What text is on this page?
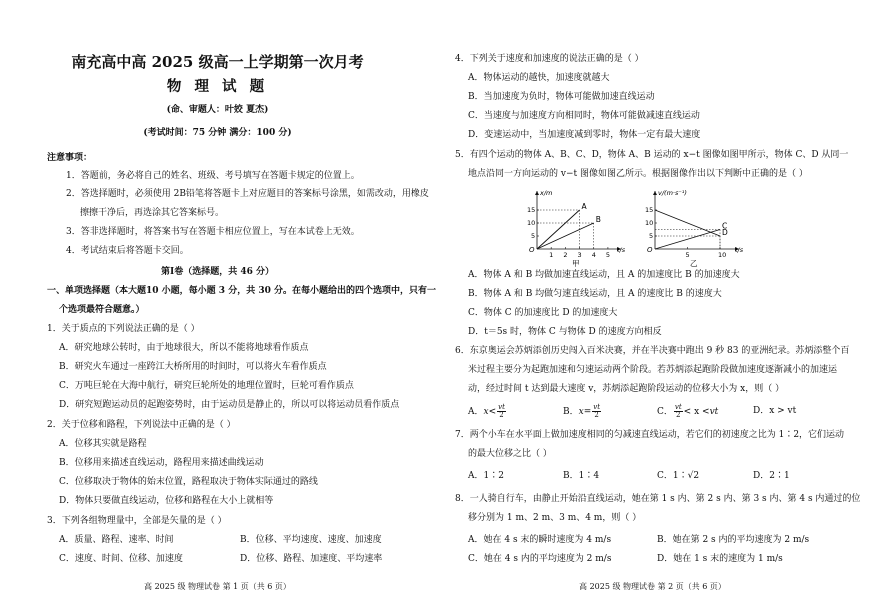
南充高中高 2025 级高一上学期第一次月考
物 理 试 题
(命、审题人：叶姣 夏杰)
(考试时间：75 分钟 满分：100 分)
注意事项：
1．答题前，务必将自己的姓名、班级、考号填写在答题卡规定的位置上。
2．答选择题时，必须使用 2B铅笔将答题卡上对应题目的答案标号涂黑，如需改动，用橡皮
擦擦干净后，再选涂其它答案标号。
3．答非选择题时，将答案书写在答题卡相应位置上，写在本试卷上无效。
4．考试结束后将答题卡交回。
第Ⅰ卷（选择题，共 46 分）
一、单项选择题（本大题10 小题，每小题 3 分，共 30 分。在每小题给出的四个选项中，只有一
个选项最符合题意。）
1．关于质点的下列说法正确的是（ ）
A．研究地球公转时，由于地球很大，所以不能将地球看作质点
B．研究火车通过一座跨江大桥所用的时间时，可以将火车看作质点
C．万吨巨轮在大海中航行，研究巨轮所处的地理位置时，巨轮可看作质点
D．研究短跑运动员的起跑姿势时，由于运动员是静止的，所以可以将运动员看作质点
2．关于位移和路程，下列说法中正确的是（ ）
A．位移其实就是路程
B．位移用来描述直线运动，路程用来描述曲线运动
C．位移取决于物体的始末位置，路程取决于物体实际通过的路线
D．物体只要做直线运动，位移和路程在大小上就相等
3．下列各组物理量中，全部是矢量的是（ ）
A．质量、路程、速率、时间	B．位移、平均速度、速度、加速度
C．速度、时间、位移、加速度	D．位移、路程、加速度、平均速率
高 2025 级 物理试卷 第 1 页（共 6 页）
4．下列关于速度和加速度的说法正确的是（ ）
A．物体运动的越快，加速度就越大
B．当加速度为负时，物体可能做加速直线运动
C．当速度与加速度方向相同时，物体可能做减速直线运动
D．变速运动中，当加速度减到零时，物体一定有最大速度
5．有四个运动的物体 A、B、C、D，物体 A、B 运动的 x−t 图像如图甲所示，物体 C、D 从同一
地点沿同一方向运动的 v−t 图像如图乙所示。根据图像作出以下判断中正确的是（ ）
O
x/m
t/s
1 2 3 4 5
5
10
15	A
B
甲
O
v/(m·s⁻¹)
t/s
5	10
5
10
15
C
D
乙
A．物体 A 和 B 均做加速直线运动，且 A 的加速度比 B 的加速度大
B．物体 A 和 B 均做匀速直线运动，且 A 的速度比 B 的速度大
C．物体 C 的加速度比 D 的加速度大
D．t＝5s 时，物体 C 与物体 D 的速度方向相反
6．东京奥运会苏炳添创历史闯入百米决赛，并在半决赛中跑出 9 秒 83 的亚洲纪录。苏炳添整个百
米过程主要分为起跑加速和匀速运动两个阶段。若苏炳添起跑阶段做加速度逐渐减小的加速运
动，经过时间 t 达到最大速度 v，苏炳添起跑阶段运动的位移大小为 x，则（ ）
A．$x< \frac{vt}{2}$	B．$x= \frac{vt}{2}$	C． $\frac{vt}{2} < x <vt$	D．x > vt
7．两个小车在水平面上做加速度相同的匀减速直线运动，若它们的初速度之比为 1∶2，它们运动
的最大位移之比（ ）
A．1∶2	B．1∶4	C．1∶√2	D．2∶1
8．一人骑自行车，由静止开始沿直线运动，她在第 1 s 内、第 2 s 内、第 3 s 内、第 4 s 内通过的位
移分别为 1 m、2 m、3 m、4 m，则（ ）
A．她在 4 s 末的瞬时速度为 4 m/s	B．她在第 2 s 内的平均速度为 2 m/s
C．她在 4 s 内的平均速度为 2 m/s	D．她在 1 s 末的速度为 1 m/s
高 2025 级 物理试卷 第 2 页（共 6 页）
